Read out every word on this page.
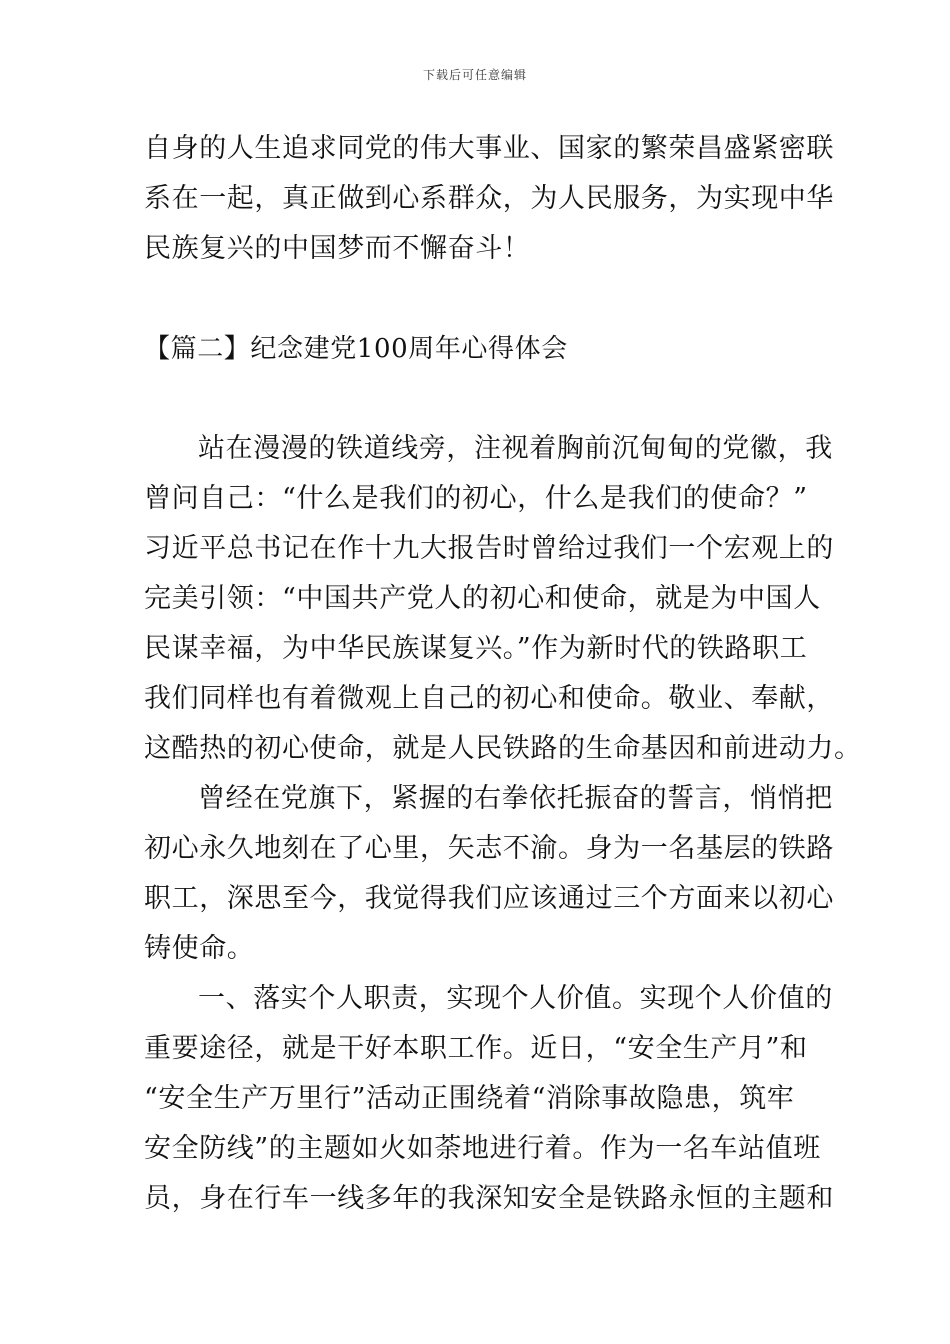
下载后可任意编辑
自身的人生追求同党的伟大事业、国家的繁荣昌盛紧密联
系在一起，真正做到心系群众，为人民服务，为实现中华
民族复兴的中国梦而不懈奋斗！
【篇二】纪念建党100周年心得体会
站在漫漫的铁道线旁，注视着胸前沉甸甸的党徽，我
曾问自己：“什么是我们的初心，什么是我们的使命？”
习近平总书记在作十九大报告时曾给过我们一个宏观上的
完美引领：“中国共产党人的初心和使命，就是为中国人
民谋幸福，为中华民族谋复兴。”作为新时代的铁路职工
我们同样也有着微观上自己的初心和使命。敬业、奉献，
这酷热的初心使命，就是人民铁路的生命基因和前进动力。
曾经在党旗下，紧握的右拳依托振奋的誓言，悄悄把
初心永久地刻在了心里，矢志不渝。身为一名基层的铁路
职工，深思至今，我觉得我们应该通过三个方面来以初心
铸使命。
一、落实个人职责，实现个人价值。实现个人价值的
重要途径，就是干好本职工作。近日，“安全生产月”和
“安全生产万里行”活动正围绕着“消除事故隐患，筑牢
安全防线”的主题如火如荼地进行着。作为一名车站值班
员，身在行车一线多年的我深知安全是铁路永恒的主题和
